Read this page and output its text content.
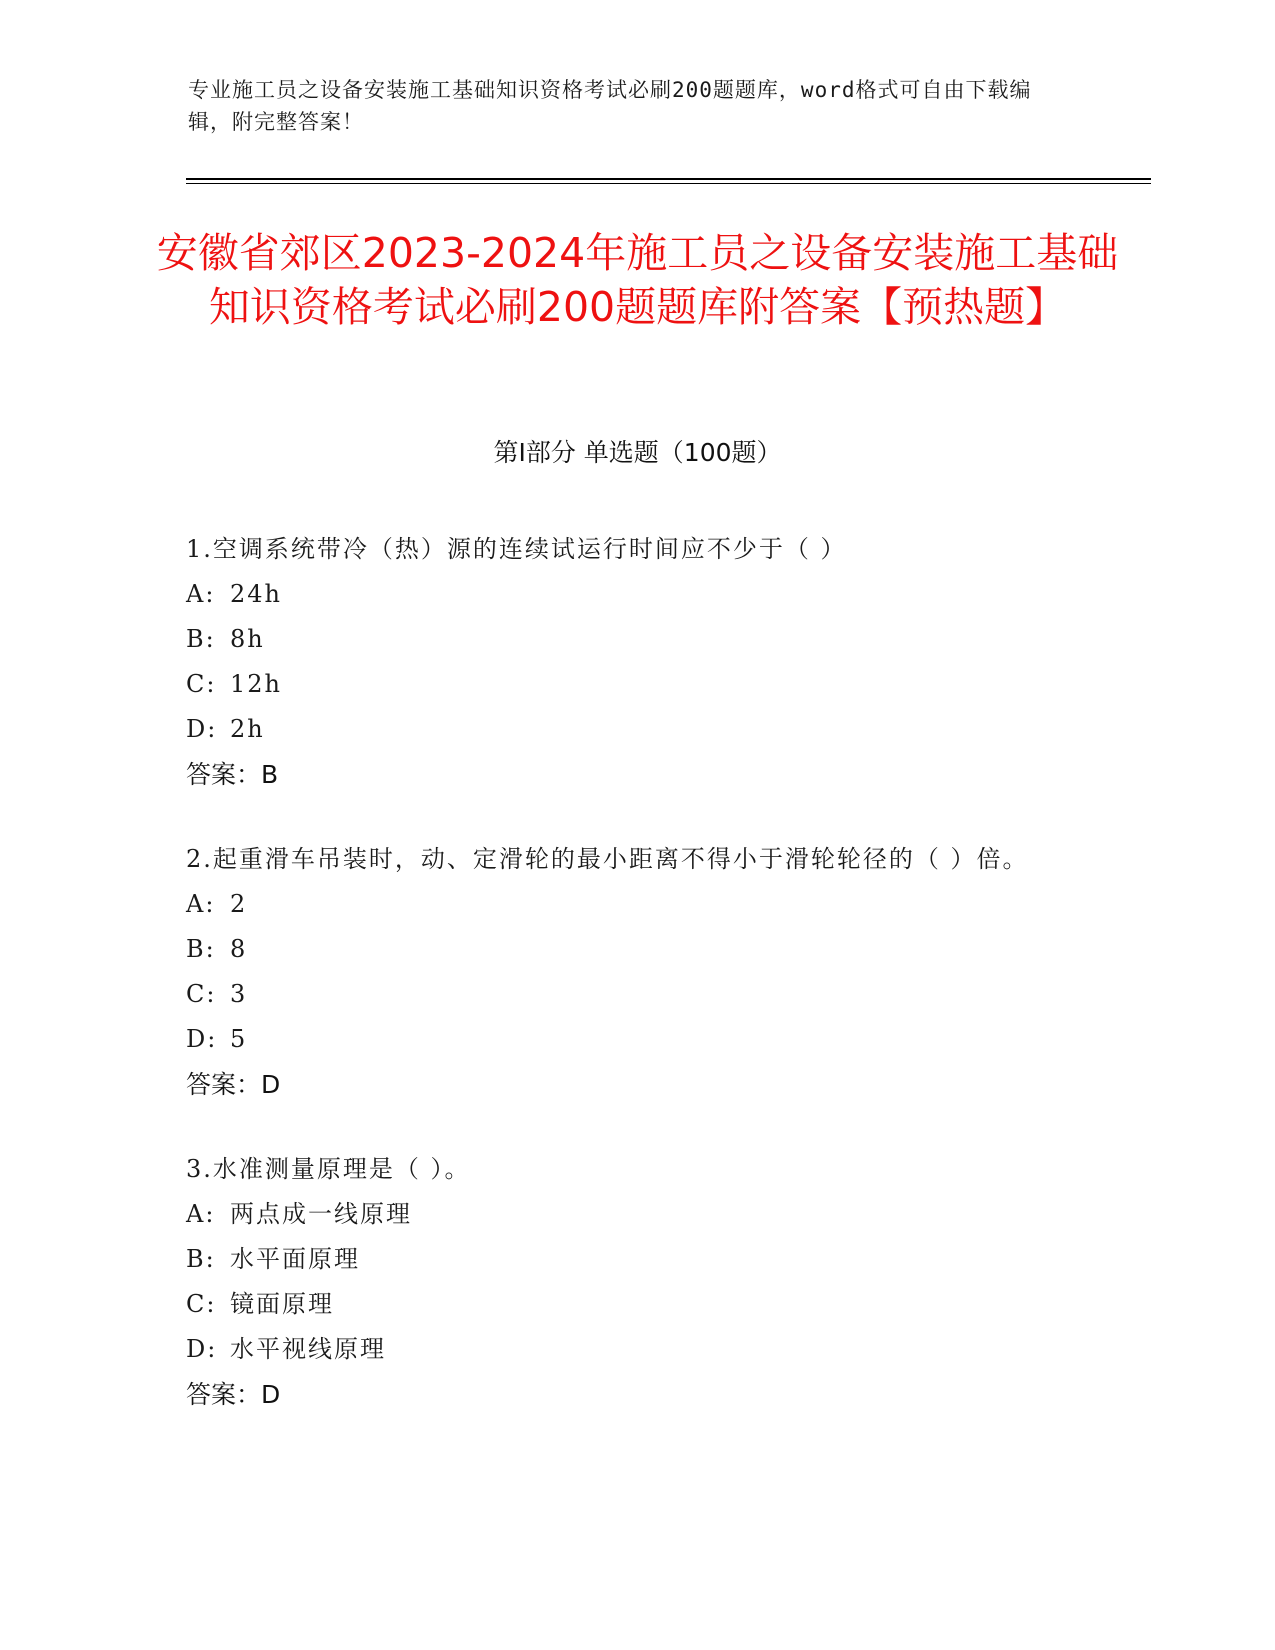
专业施工员之设备安装施工基础知识资格考试必刷200题题库，word格式可自由下载编辑，附完整答案！
安徽省郊区2023-2024年施工员之设备安装施工基础知识资格考试必刷200题题库附答案【预热题】
第I部分 单选题（100题）
1.空调系统带冷（热）源的连续试运行时间应不少于（ ）
A: 24h
B: 8h
C: 12h
D: 2h
答案：B
2.起重滑车吊装时，动、定滑轮的最小距离不得小于滑轮轮径的（ ）倍。
A: 2
B: 8
C: 3
D: 5
答案：D
3.水准测量原理是（ ）。
A: 两点成一线原理
B: 水平面原理
C: 镜面原理
D: 水平视线原理
答案：D
